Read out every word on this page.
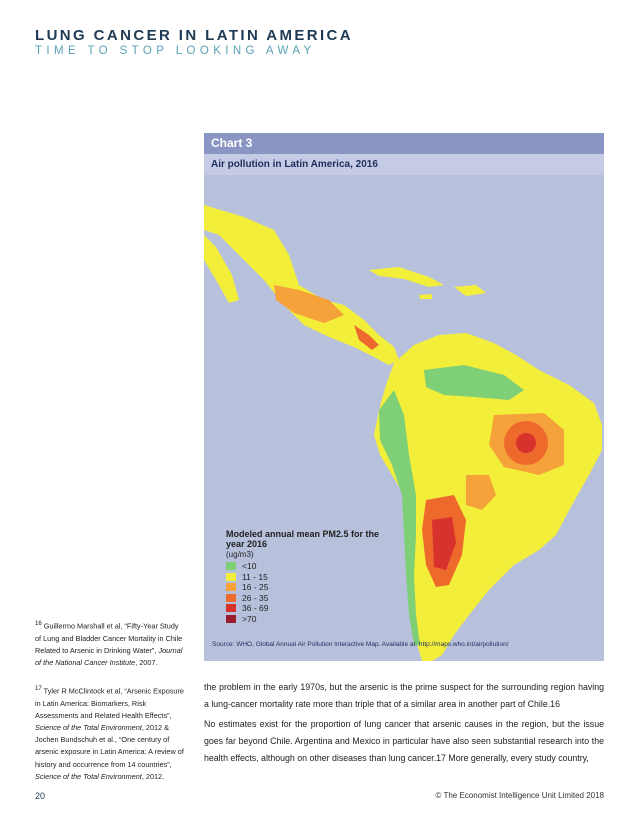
LUNG CANCER IN LATIN AMERICA
TIME TO STOP LOOKING AWAY
Chart 3
Air pollution in Latin America, 2016
Modeled annual mean PM2.5 for the year 2016
(ug/m3)
<10
11 - 15
16 - 25
26 - 35
36 - 69
>70
Source: WHO, Global Annual Air Pollution Interactive Map. Available at: http://maps.who.int/airpollution/
$^{16}$ Guillermo Marshall et al, “Fifty-Year Study of Lung and Bladder Cancer Mortality in Chile Related to Arsenic in Drinking Water”, Journal of the National Cancer Institute, 2007.
$^{17}$ Tyler R McClintock et al, “Arsenic Exposure in Latin America: Biomarkers, Risk Assessments and Related Health Effects”, Science of the Total Environment, 2012 & Jochen Bundschuh et al., “One century of arsenic exposure in Latin America: A review of history and occurrence from 14 countries”, Science of the Total Environment, 2012.
the problem in the early 1970s, but the arsenic is the prime suspect for the surrounding region having a lung-cancer mortality rate more than triple that of a similar area in another part of Chile.16
No estimates exist for the proportion of lung cancer that arsenic causes in the region, but the issue goes far beyond Chile. Argentina and Mexico in particular have also seen substantial research into the health effects, although on other diseases than lung cancer.17 More generally, every study country,
20	© The Economist Intelligence Unit Limited 2018
